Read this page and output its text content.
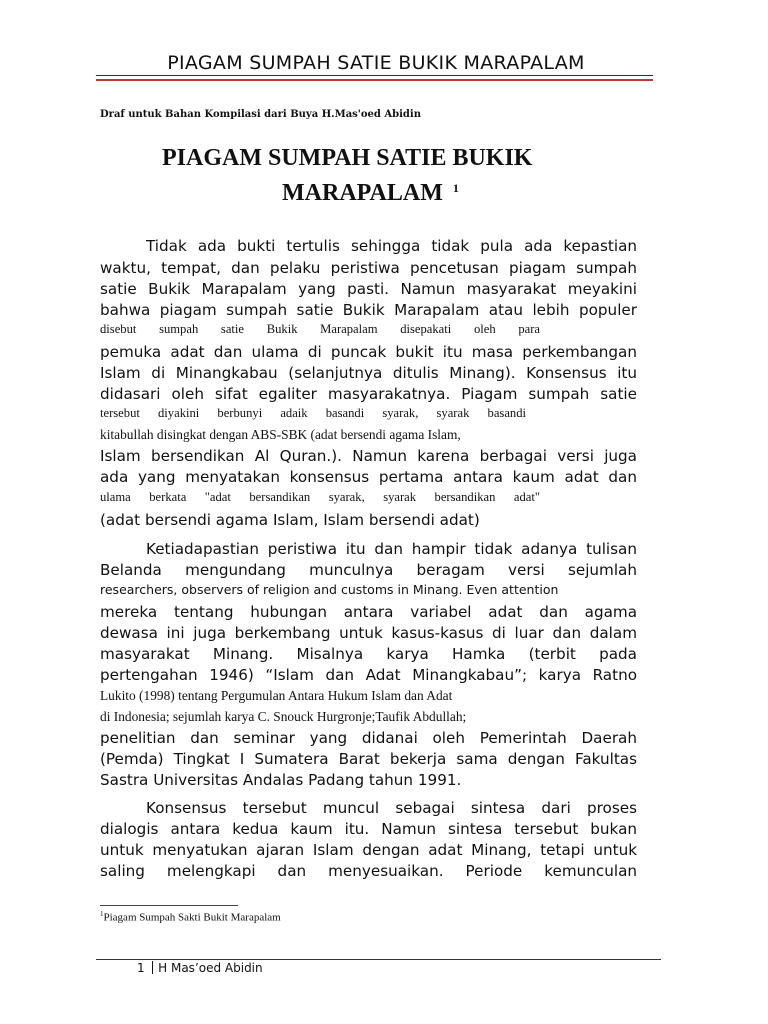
PIAGAM SUMPAH SATIE BUKIK MARAPALAM
Draf untuk Bahan Kompilasi dari Buya H.Mas'oed Abidin
PIAGAM SUMPAH SATIE BUKIK
MARAPALAM $^1$
Tidak ada bukti tertulis sehingga tidak pula ada kepastian
waktu, tempat, dan pelaku peristiwa pencetusan piagam sumpah
satie Bukik Marapalam yang pasti. Namun masyarakat meyakini
bahwa piagam sumpah satie Bukik Marapalam atau lebih populer
disebut sumpah satie Bukik Marapalam disepakati oleh para
pemuka adat dan ulama di puncak bukit itu masa perkembangan
Islam di Minangkabau (selanjutnya ditulis Minang). Konsensus itu
didasari oleh sifat egaliter masyarakatnya. Piagam sumpah satie
tersebut diyakini berbunyi adaik basandi syarak, syarak basandi
kitabullah disingkat dengan ABS-SBK (adat bersendi agama Islam,
Islam bersendikan Al Quran.). Namun karena berbagai versi juga
ada yang menyatakan konsensus pertama antara kaum adat dan
ulama berkata "adat bersandikan syarak, syarak bersandikan adat"
(adat bersendi agama Islam, Islam bersendi adat)
Ketiadapastian peristiwa itu dan hampir tidak adanya tulisan
Belanda mengundang munculnya beragam versi sejumlah
researchers, observers of religion and customs in Minang. Even attention
mereka tentang hubungan antara variabel adat dan agama
dewasa ini juga berkembang untuk kasus-kasus di luar dan dalam
masyarakat Minang. Misalnya karya Hamka (terbit pada
pertengahan 1946) “Islam dan Adat Minangkabau”; karya Ratno
Lukito (1998) tentang Pergumulan Antara Hukum Islam dan Adat
di Indonesia; sejumlah karya C. Snouck Hurgronje;Taufik Abdullah;
penelitian dan seminar yang didanai oleh Pemerintah Daerah
(Pemda) Tingkat I Sumatera Barat bekerja sama dengan Fakultas
Sastra Universitas Andalas Padang tahun 1991.
Konsensus tersebut muncul sebagai sintesa dari proses
dialogis antara kedua kaum itu. Namun sintesa tersebut bukan
untuk menyatukan ajaran Islam dengan adat Minang, tetapi untuk
saling melengkapi dan menyesuaikan. Periode kemunculan
$^1$Piagam Sumpah Sakti Bukit Marapalam
1 H Mas’oed Abidin
